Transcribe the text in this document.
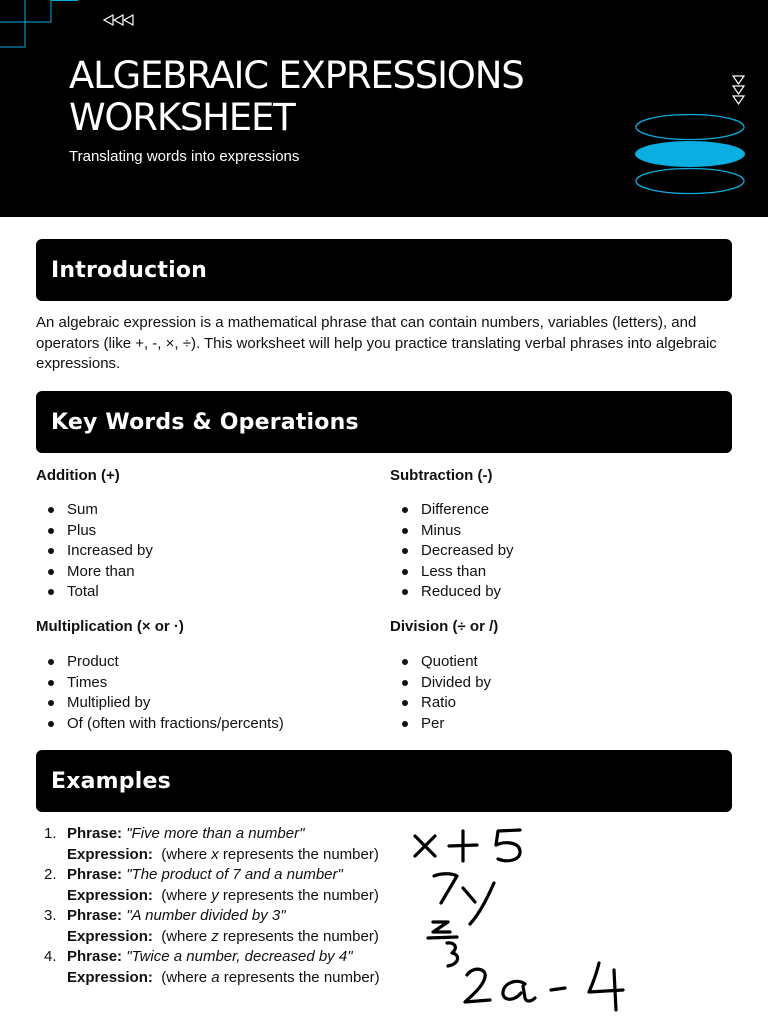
ALGEBRAIC EXPRESSIONS
WORKSHEET
Translating words into expressions
Introduction

An algebraic expression is a mathematical phrase that can contain numbers, variables (letters), and operators (like +, -, ×, ÷). This worksheet will help you practice translating verbal phrases into algebraic expressions.

Key Words & Operations
Addition (+)
Sum
Plus
Increased by
More than
Total
Subtraction (-)
Difference
Minus
Decreased by
Less than
Reduced by
Multiplication (× or ·)
Product
Times
Multiplied by
Of (often with fractions/percents)
Division (÷ or /)
Quotient
Divided by
Ratio
Per
Examples
1. Phrase: "Five more than a number"
Expression: (where x represents the number)
2. Phrase: "The product of 7 and a number"
Expression: (where y represents the number)
3. Phrase: "A number divided by 3"
Expression: (where z represents the number)
4. Phrase: "Twice a number, decreased by 4"
Expression: (where a represents the number)
